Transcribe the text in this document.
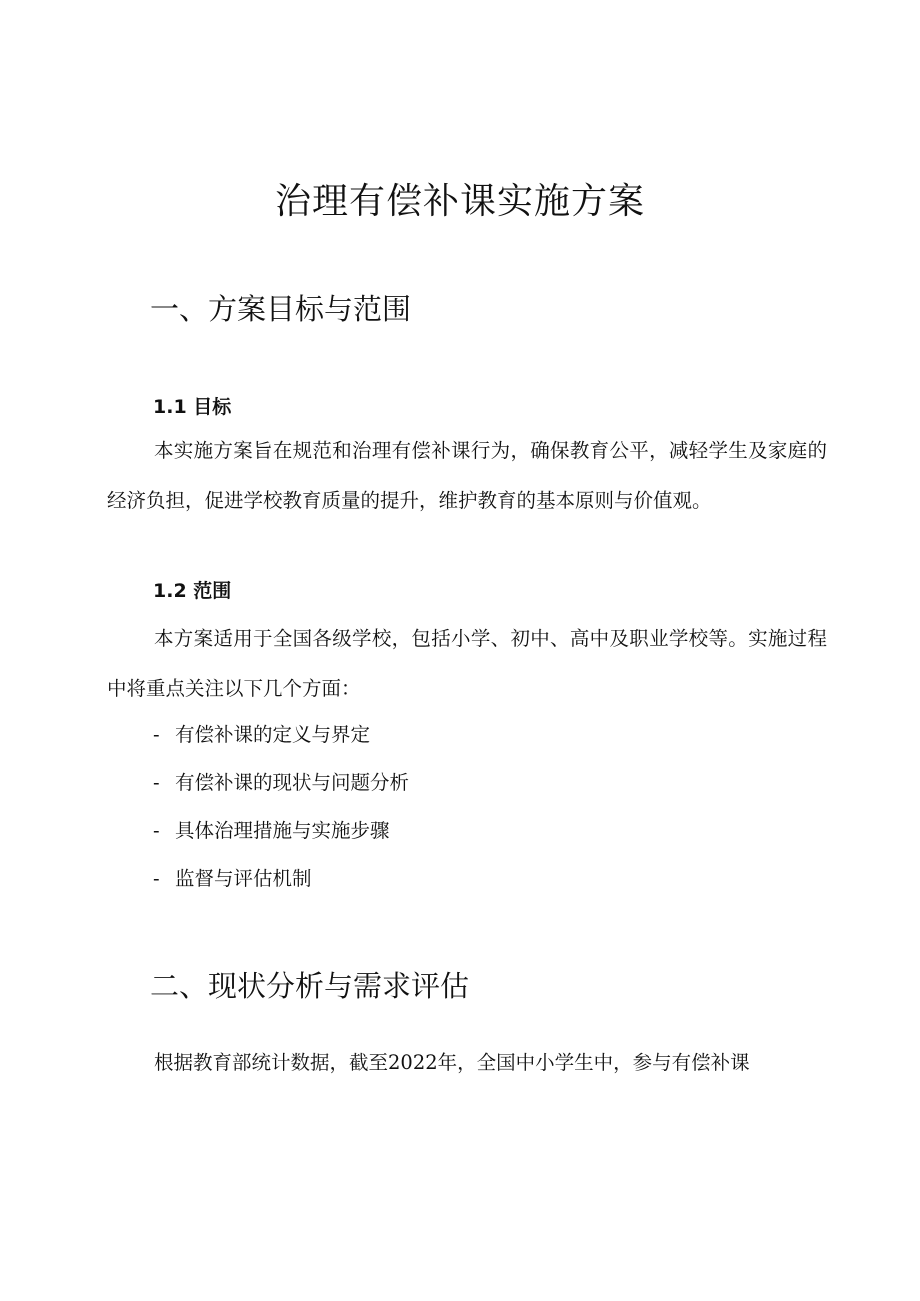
治理有偿补课实施方案
一、方案目标与范围
1.1 目标

本实施方案旨在规范和治理有偿补课行为，确保教育公平，减轻学生及家庭的经济负担，促进学校教育质量的提升，维护教育的基本原则与价值观。

1.2 范围

本方案适用于全国各级学校，包括小学、初中、高中及职业学校等。实施过程中将重点关注以下几个方面：

- 有偿补课的定义与界定
- 有偿补课的现状与问题分析
- 具体治理措施与实施步骤
- 监督与评估机制
二、现状分析与需求评估

根据教育部统计数据，截至2022年，全国中小学生中，参与有偿补课
